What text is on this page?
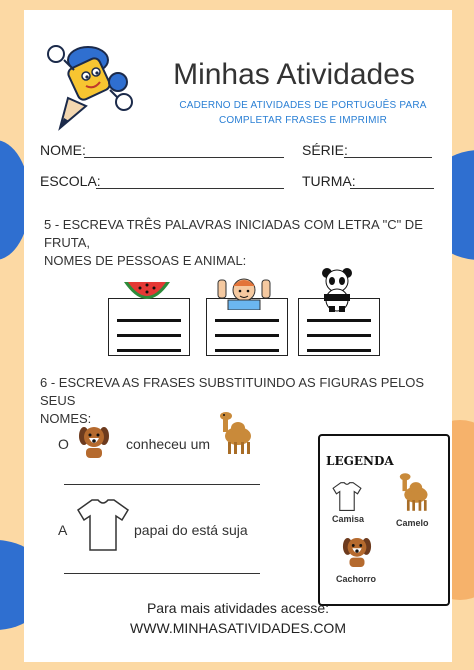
Minhas Atividades
CADERNO DE ATIVIDADES DE PORTUGUÊS PARA
COMPLETAR FRASES E IMPRIMIR
NOME:	SÉRIE:
ESCOLA:	TURMA:
5 - ESCREVA TRÊS PALAVRAS INICIADAS COM LETRA "C" DE FRUTA,
NOMES DE PESSOAS E ANIMAL:
6 - ESCREVA AS FRASES SUBSTITUINDO AS FIGURAS PELOS SEUS
NOMES:
O	conheceu um
A	papai do está suja
LEGENDA
Camisa	Camelo
Cachorro
Para mais atividades acesse:
WWW.MINHASATIVIDADES.COM
